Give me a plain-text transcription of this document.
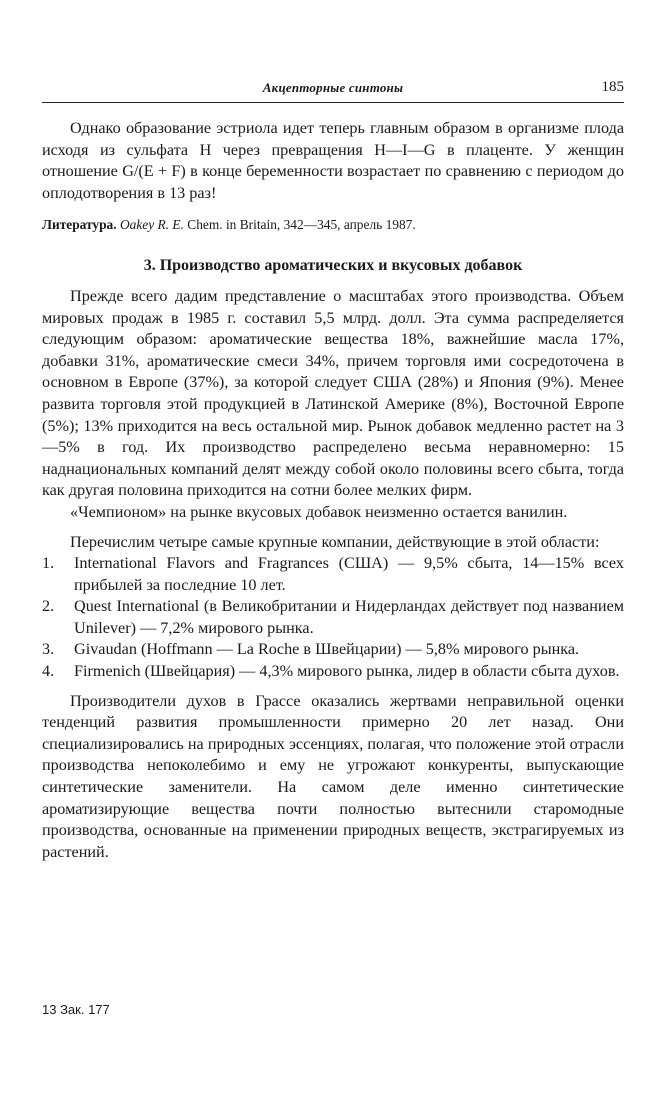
Акцепторные синтоны	185

Однако образование эстриола идет теперь главным образом в организме плода исходя из сульфата H через превращения H—I—G в плаценте. У женщин отношение G/(E + F) в конце беременности возрастает по сравнению с периодом до оплодотворения в 13 раз!

Литература. Oakey R. E. Chem. in Britain, 342—345, апрель 1987.

3. Производство ароматических и вкусовых добавок

Прежде всего дадим представление о масштабах этого производства. Объем мировых продаж в 1985 г. составил 5,5 млрд. долл. Эта сумма распределяется следующим образом: ароматические вещества 18%, важнейшие масла 17%, добавки 31%, ароматические смеси 34%, причем торговля ими сосредоточена в основном в Европе (37%), за которой следует США (28%) и Япония (9%). Менее развита торговля этой продукцией в Латинской Америке (8%), Восточной Европе (5%); 13% приходится на весь остальной мир. Рынок добавок медленно растет на 3—5% в год. Их производство распределено весьма неравномерно: 15 наднациональных компаний делят между собой около половины всего сбыта, тогда как другая половина приходится на сотни более мелких фирм.

«Чемпионом» на рынке вкусовых добавок неизменно остается ванилин.

Перечислим четыре самые крупные компании, действующие в этой области:

1. International Flavors and Fragrances (США) — 9,5% сбыта, 14—15% всех прибылей за последние 10 лет.
2. Quest International (в Великобритании и Нидерландах действует под названием Unilever) — 7,2% мирового рынка.
3. Givaudan (Hoffmann — La Roche в Швейцарии) — 5,8% мирового рынка.
4. Firmenich (Швейцария) — 4,3% мирового рынка, лидер в области сбыта духов.

Производители духов в Грассе оказались жертвами неправильной оценки тенденций развития промышленности примерно 20 лет назад. Они специализировались на природных эссенциях, полагая, что положение этой отрасли производства непоколебимо и ему не угрожают конкуренты, выпускающие синтетические заменители. На самом деле именно синтетические ароматизирующие вещества почти полностью вытеснили старомодные производства, основанные на применении природных веществ, экстрагируемых из растений.

13 Зак. 177
